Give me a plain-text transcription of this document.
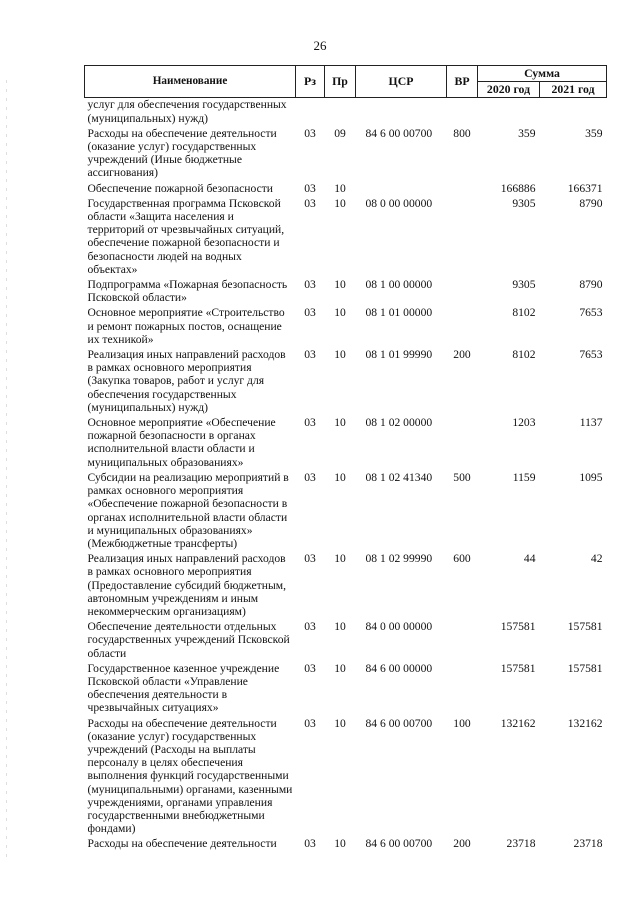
26
Наименование	Рз	Пр	ЦСР	ВР	Сумма	
					2020 год	2021 год
услуг для обеспечения государственных (муниципальных) нужд)						
Расходы на обеспечение деятельности (оказание услуг) государственных учреждений (Иные бюджетные ассигнования)	03	09	84 6 00 00700	800	359	359
Обеспечение пожарной безопасности	03	10			166886	166371
Государственная программа Псковской области «Защита населения и территорий от чрезвычайных ситуаций, обеспечение пожарной безопасности и безопасности людей на водных объектах»	03	10	08 0 00 00000		9305	8790
Подпрограмма «Пожарная безопасность Псковской области»	03	10	08 1 00 00000		9305	8790
Основное мероприятие «Строительство и ремонт пожарных постов, оснащение их техникой»	03	10	08 1 01 00000		8102	7653
Реализация иных направлений расходов в рамках основного мероприятия (Закупка товаров, работ и услуг для обеспечения государственных (муниципальных) нужд)	03	10	08 1 01 99990	200	8102	7653
Основное мероприятие «Обеспечение пожарной безопасности в органах исполнительной власти области и муниципальных образованиях»	03	10	08 1 02 00000		1203	1137
Субсидии на реализацию мероприятий в рамках основного мероприятия «Обеспечение пожарной безопасности в органах исполнительной власти области и муниципальных образованиях» (Межбюджетные трансферты)	03	10	08 1 02 41340	500	1159	1095
Реализация иных направлений расходов в рамках основного мероприятия (Предоставление субсидий бюджетным, автономным учреждениям и иным некоммерческим организациям)	03	10	08 1 02 99990	600	44	42
Обеспечение деятельности отдельных государственных учреждений Псковской области	03	10	84 0 00 00000		157581	157581
Государственное казенное учреждение Псковской области «Управление обеспечения деятельности в чрезвычайных ситуациях»	03	10	84 6 00 00000		157581	157581
Расходы на обеспечение деятельности (оказание услуг) государственных учреждений (Расходы на выплаты персоналу в целях обеспечения выполнения функций государственными (муниципальными) органами, казенными учреждениями, органами управления государственными внебюджетными фондами)	03	10	84 6 00 00700	100	132162	132162
Расходы на обеспечение деятельности	03	10	84 6 00 00700	200	23718	23718
